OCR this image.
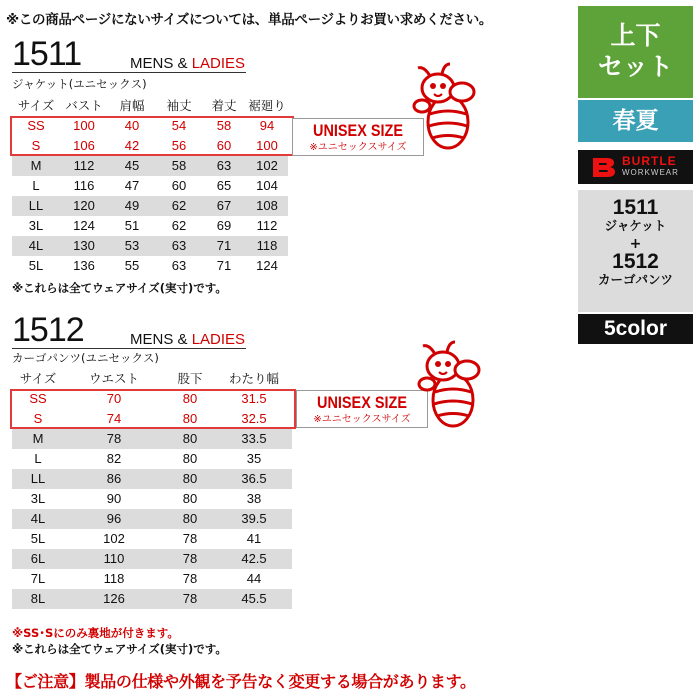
※この商品ページにないサイズについては、単品ページよりお買い求めください。
1511	MENS & LADIES
ジャケット(ユニセックス)
サイズ	バスト	肩幅	袖丈	着丈	裾廻り
SS	100	40	54	58	94
S	106	42	56	60	100
M	112	45	58	63	102
L	116	47	60	65	104
LL	120	49	62	67	108
3L	124	51	62	69	112
4L	130	53	63	71	118
5L	136	55	63	71	124
※これらは全てウェアサイズ(実寸)です。
UNISEX SIZE
※ユニセックスサイズ
1512	MENS & LADIES
カーゴパンツ(ユニセックス)
サイズ	ウエスト	股下	わたり幅
SS	70	80	31.5
S	74	80	32.5
M	78	80	33.5
L	82	80	35
LL	86	80	36.5
3L	90	80	38
4L	96	80	39.5
5L	102	78	41
6L	110	78	42.5
7L	118	78	44
8L	126	78	45.5
※SS･Sにのみ裏地が付きます。
※これらは全てウェアサイズ(実寸)です。
UNISEX SIZE
※ユニセックスサイズ
上下
セット
春夏
BURTLE
WORKWEAR
1511
ジャケット
+
1512
カーゴパンツ
5color
【ご注意】製品の仕様や外観を予告なく変更する場合があります。
